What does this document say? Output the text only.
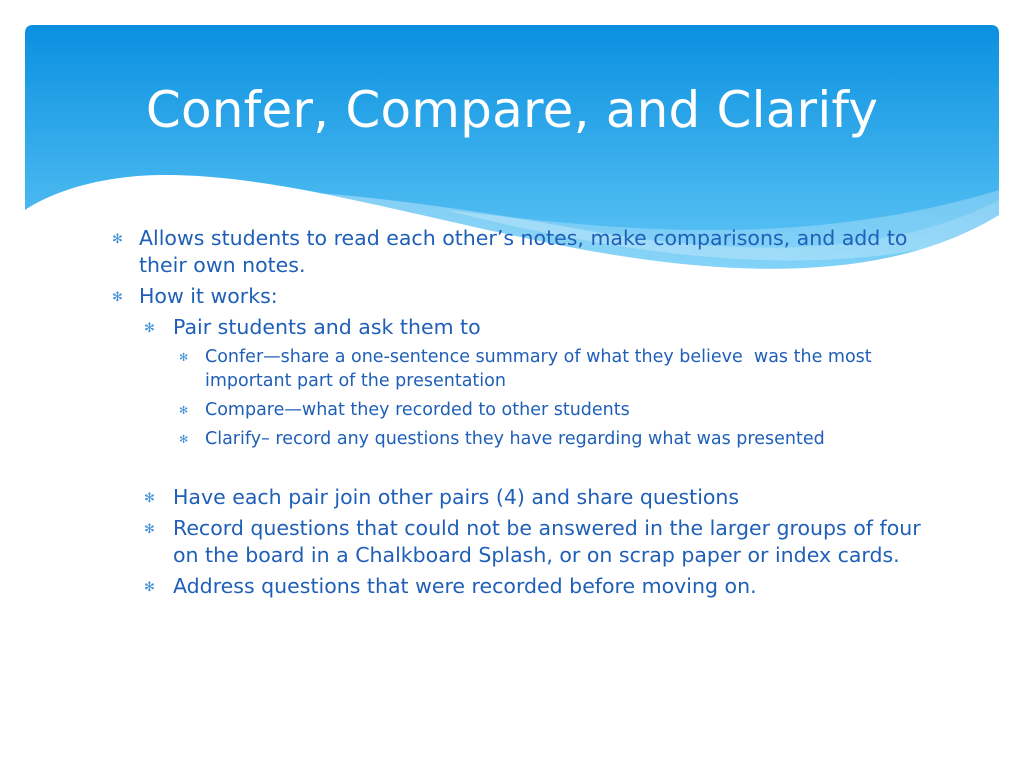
Confer, Compare, and Clarify

✻ Allows students to read each other’s notes, make comparisons, and add to their own notes.

✻ How it works:

✻ Pair students and ask them to

✻ Confer—share a one-sentence summary of what they believe  was the most important part of the presentation

✻ Compare—what they recorded to other students

✻ Clarify– record any questions they have regarding what was presented

✻ Have each pair join other pairs (4) and share questions

✻ Record questions that could not be answered in the larger groups of four on the board in a Chalkboard Splash, or on scrap paper or index cards.

✻ Address questions that were recorded before moving on.
